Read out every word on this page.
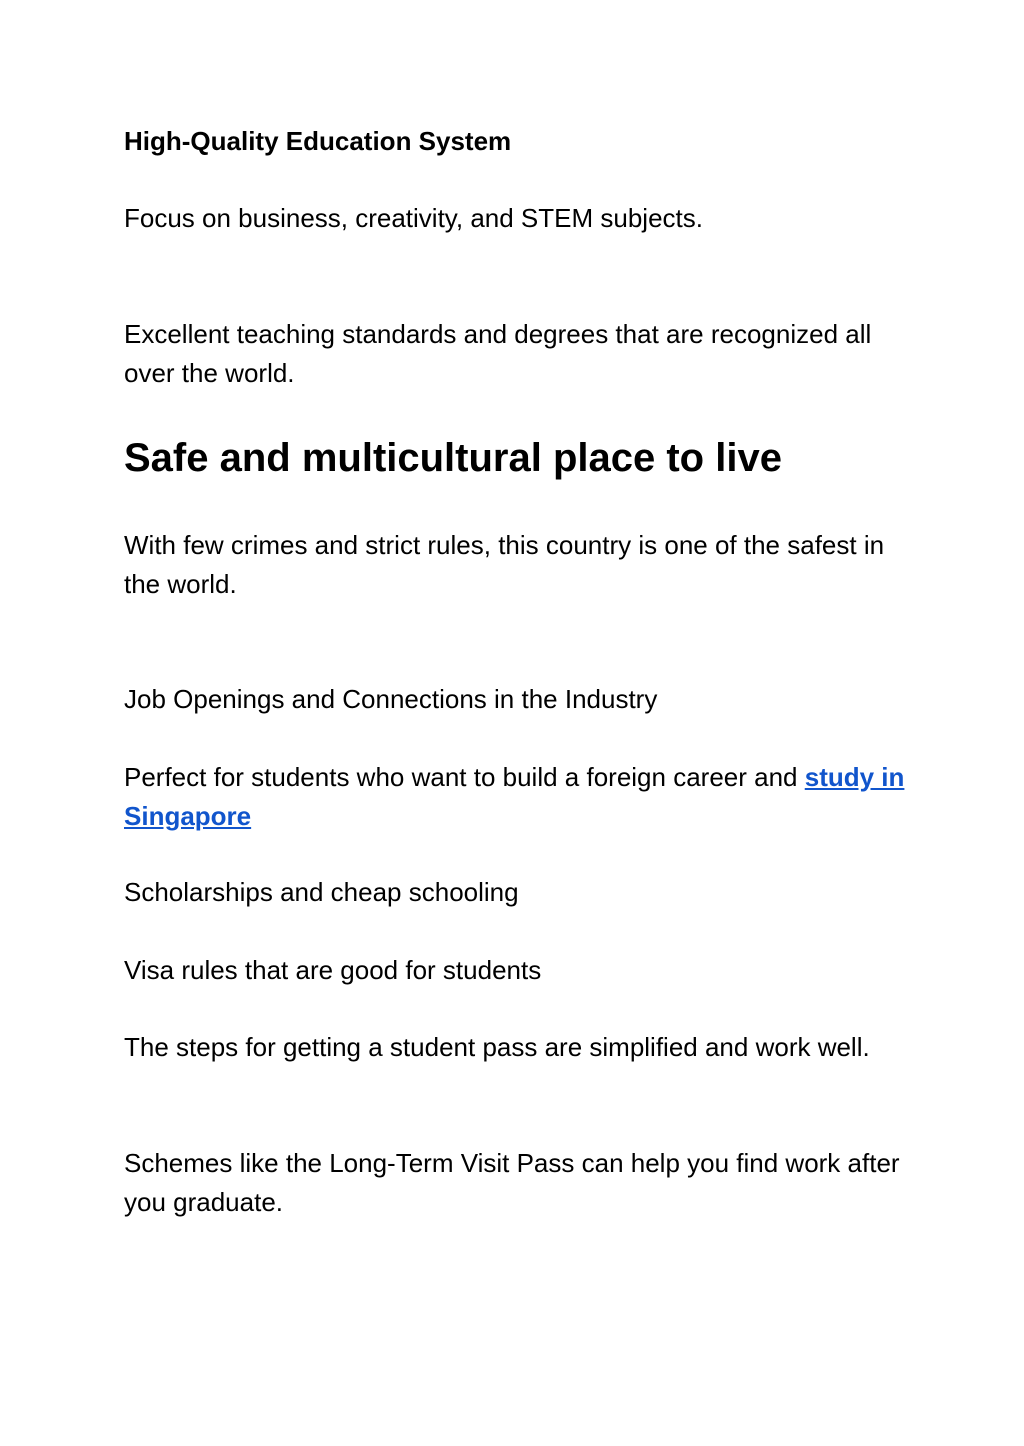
High-Quality Education System

Focus on business, creativity, and STEM subjects.

Excellent teaching standards and degrees that are recognized all over the world.

Safe and multicultural place to live

With few crimes and strict rules, this country is one of the safest in the world.

Job Openings and Connections in the Industry

Perfect for students who want to build a foreign career and study in Singapore

Scholarships and cheap schooling

Visa rules that are good for students

The steps for getting a student pass are simplified and work well.

Schemes like the Long-Term Visit Pass can help you find work after you graduate.
